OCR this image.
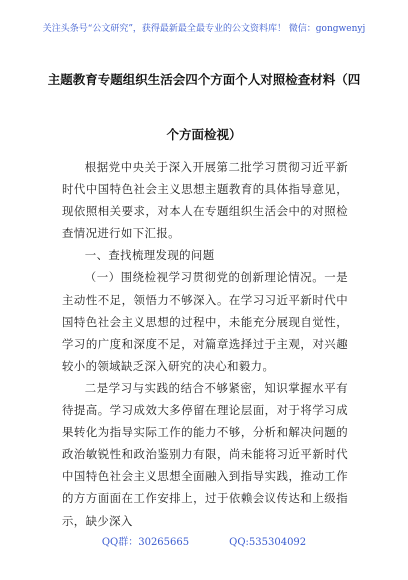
关注头条号“公文研究”，获得最新最全最专业的公文资料库！ 微信：gongwenyj
主题教育专题组织生活会四个方面个人对照检查材料（四
个方面检视）

根据党中央关于深入开展第二批学习贯彻习近平新时代中国特色社会主义思想主题教育的具体指导意见，现依照相关要求，对本人在专题组织生活会中的对照检查情况进行如下汇报。

一、查找梳理发现的问题

（一）围绕检视学习贯彻党的创新理论情况。一是主动性不足，领悟力不够深入。在学习习近平新时代中国特色社会主义思想的过程中，未能充分展现自觉性，学习的广度和深度不足，对篇章选择过于主观，对兴趣较小的领域缺乏深入研究的决心和毅力。

二是学习与实践的结合不够紧密，知识掌握水平有待提高。学习成效大多停留在理论层面，对于将学习成果转化为指导实际工作的能力不够，分析和解决问题的政治敏锐性和政治鉴别力有限，尚未能将习近平新时代中国特色社会主义思想全面融入到指导实践，推动工作的方方面面在工作安排上，过于依赖会议传达和上级指示，缺少深入

QQ群：30265665	QQ:535304092
